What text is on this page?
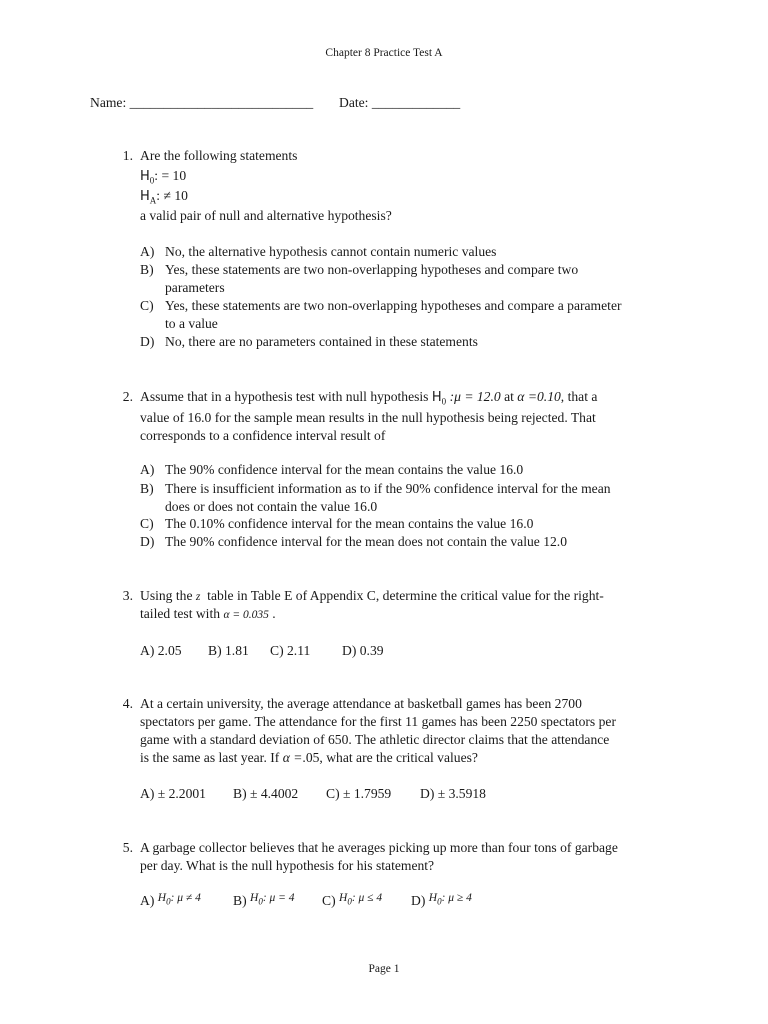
Chapter 8 Practice Test A
Name: ___________________________ Date: _____________
1. Are the following statements
$H_0$: = 10
$H_A$: ≠ 10
a valid pair of null and alternative hypothesis?
A) No, the alternative hypothesis cannot contain numeric values
B) Yes, these statements are two non-overlapping hypotheses and compare two
parameters
C) Yes, these statements are two non-overlapping hypotheses and compare a parameter
to a value
D) No, there are no parameters contained in these statements
2. Assume that in a hypothesis test with null hypothesis $H_0$ :μ = 12.0 at α =0.10, that a
value of 16.0 for the sample mean results in the null hypothesis being rejected. That
corresponds to a confidence interval result of
A) The 90% confidence interval for the mean contains the value 16.0
B) There is insufficient information as to if the 90% confidence interval for the mean
does or does not contain the value 16.0
C) The 0.10% confidence interval for the mean contains the value 16.0
D) The 90% confidence interval for the mean does not contain the value 12.0
3. Using the z table in Table E of Appendix C, determine the critical value for the right-
tailed test with α = 0.035 .
A) 2.05 B) 1.81 C) 2.11 D) 0.39
4. At a certain university, the average attendance at basketball games has been 2700
spectators per game. The attendance for the first 11 games has been 2250 spectators per
game with a standard deviation of 650. The athletic director claims that the attendance
is the same as last year. If α =.05, what are the critical values?
A) ± 2.2001 B) ± 4.4002 C) ± 1.7959 D) ± 3.5918
5. A garbage collector believes that he averages picking up more than four tons of garbage
per day. What is the null hypothesis for his statement?
A) $^{H_0: \mu \ne 4}$ B) $^{H_0: \mu = 4}$ C) $^{H_0: \mu \le 4}$ D) $^{H_0: \mu \ge 4}$
Page 1
